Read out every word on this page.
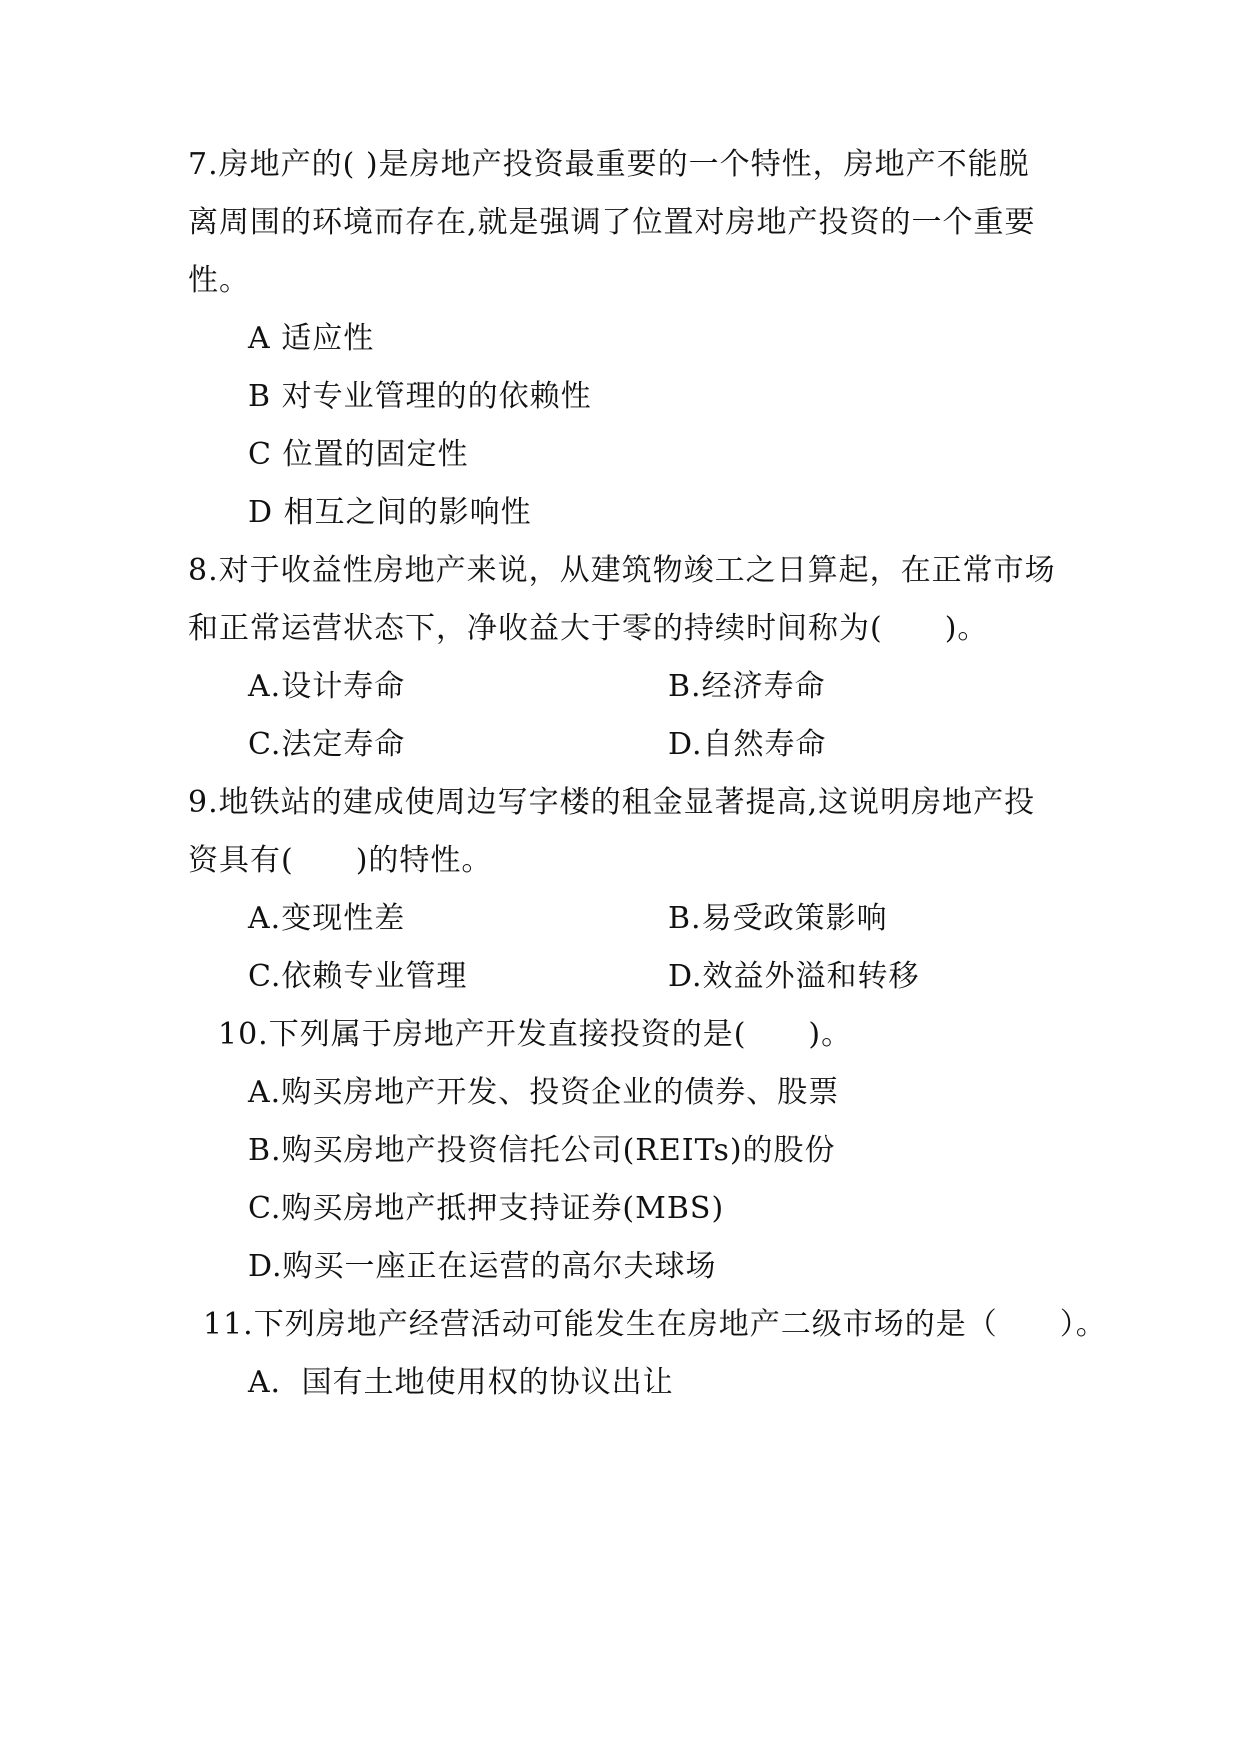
7.房地产的( )是房地产投资最重要的一个特性，房地产不能脱
离周围的环境而存在,就是强调了位置对房地产投资的一个重要
性。
A 适应性
B 对专业管理的的依赖性
C 位置的固定性
D 相互之间的影响性
8.对于收益性房地产来说，从建筑物竣工之日算起，在正常市场
和正常运营状态下，净收益大于零的持续时间称为(　　)。
A.设计寿命	B.经济寿命
C.法定寿命	D.自然寿命
9.地铁站的建成使周边写字楼的租金显著提高,这说明房地产投
资具有(　　)的特性。
A.变现性差	B.易受政策影响
C.依赖专业管理	D.效益外溢和转移
10.下列属于房地产开发直接投资的是(　　)。
A.购买房地产开发、投资企业的债券、股票
B.购买房地产投资信托公司(REITs)的股份
C.购买房地产抵押支持证券(MBS)
D.购买一座正在运营的高尔夫球场
11.下列房地产经营活动可能发生在房地产二级市场的是（　　）。
A．国有土地使用权的协议出让
